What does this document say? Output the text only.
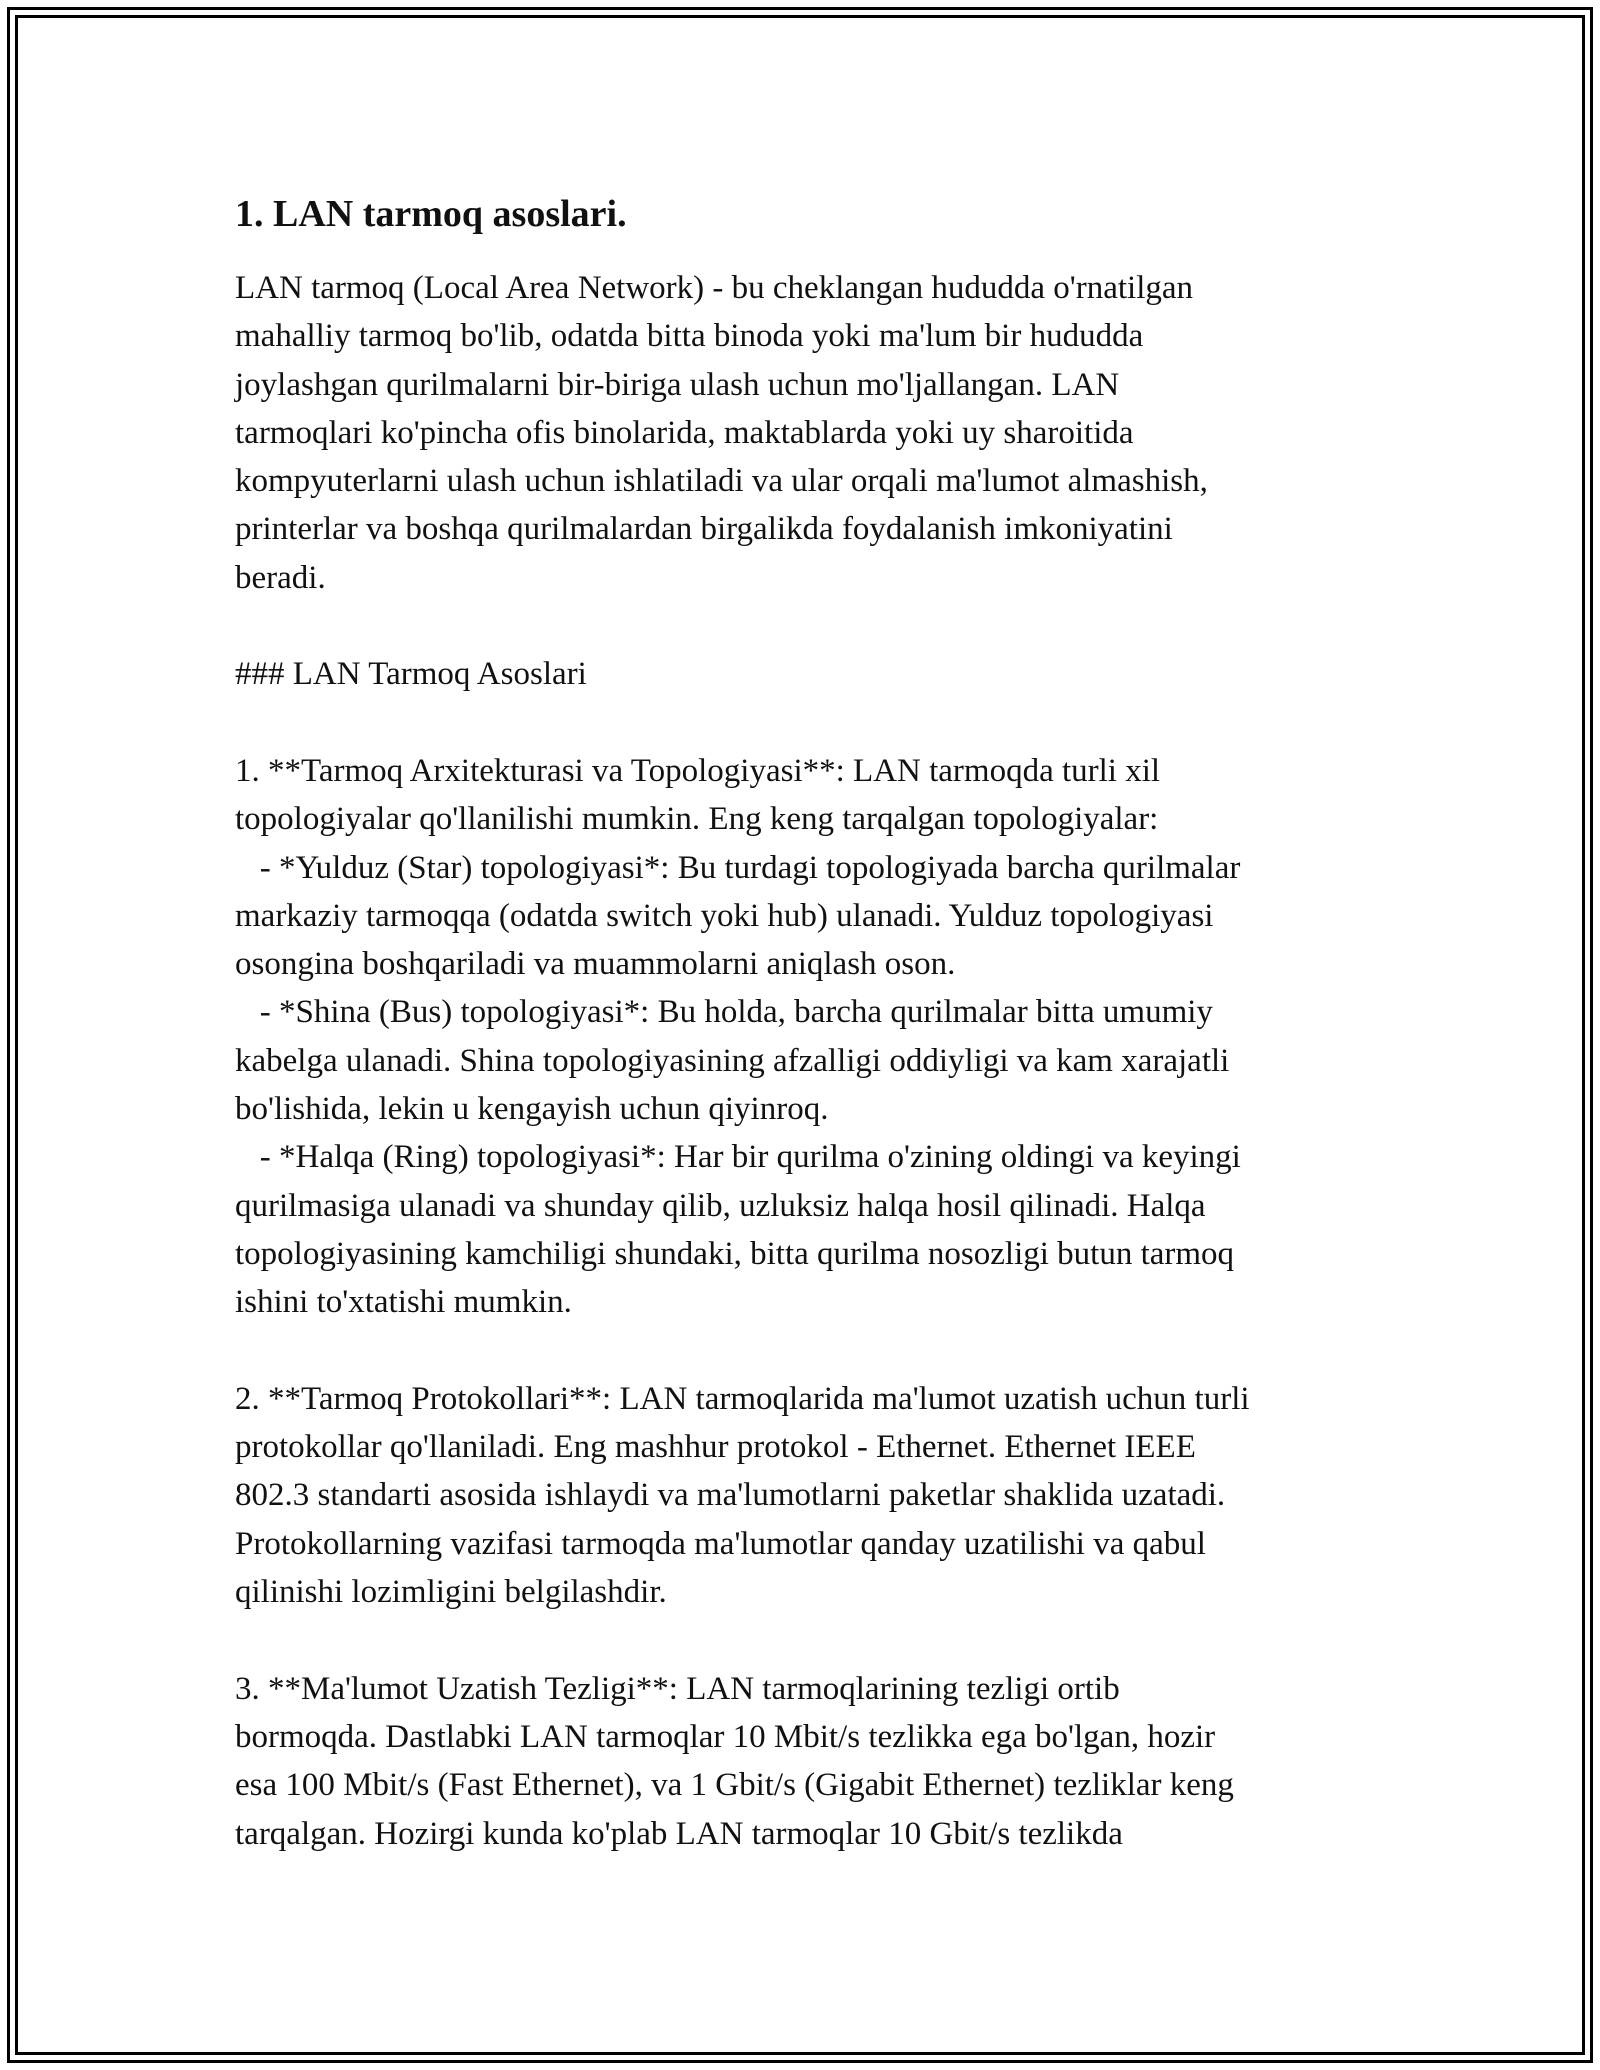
1. LAN tarmoq asoslari.

LAN tarmoq (Local Area Network) - bu cheklangan hududda o'rnatilgan
mahalliy tarmoq bo'lib, odatda bitta binoda yoki ma'lum bir hududda
joylashgan qurilmalarni bir-biriga ulash uchun mo'ljallangan. LAN
tarmoqlari ko'pincha ofis binolarida, maktablarda yoki uy sharoitida
kompyuterlarni ulash uchun ishlatiladi va ular orqali ma'lumot almashish,
printerlar va boshqa qurilmalardan birgalikda foydalanish imkoniyatini
beradi.

### LAN Tarmoq Asoslari

1. **Tarmoq Arxitekturasi va Topologiyasi**: LAN tarmoqda turli xil
topologiyalar qo'llanilishi mumkin. Eng keng tarqalgan topologiyalar:
- *Yulduz (Star) topologiyasi*: Bu turdagi topologiyada barcha qurilmalar
markaziy tarmoqqa (odatda switch yoki hub) ulanadi. Yulduz topologiyasi
osongina boshqariladi va muammolarni aniqlash oson.
- *Shina (Bus) topologiyasi*: Bu holda, barcha qurilmalar bitta umumiy
kabelga ulanadi. Shina topologiyasining afzalligi oddiyligi va kam xarajatli
bo'lishida, lekin u kengayish uchun qiyinroq.
- *Halqa (Ring) topologiyasi*: Har bir qurilma o'zining oldingi va keyingi
qurilmasiga ulanadi va shunday qilib, uzluksiz halqa hosil qilinadi. Halqa
topologiyasining kamchiligi shundaki, bitta qurilma nosozligi butun tarmoq
ishini to'xtatishi mumkin.

2. **Tarmoq Protokollari**: LAN tarmoqlarida ma'lumot uzatish uchun turli
protokollar qo'llaniladi. Eng mashhur protokol - Ethernet. Ethernet IEEE
802.3 standarti asosida ishlaydi va ma'lumotlarni paketlar shaklida uzatadi.
Protokollarning vazifasi tarmoqda ma'lumotlar qanday uzatilishi va qabul
qilinishi lozimligini belgilashdir.

3. **Ma'lumot Uzatish Tezligi**: LAN tarmoqlarining tezligi ortib
bormoqda. Dastlabki LAN tarmoqlar 10 Mbit/s tezlikka ega bo'lgan, hozir
esa 100 Mbit/s (Fast Ethernet), va 1 Gbit/s (Gigabit Ethernet) tezliklar keng
tarqalgan. Hozirgi kunda ko'plab LAN tarmoqlar 10 Gbit/s tezlikda
